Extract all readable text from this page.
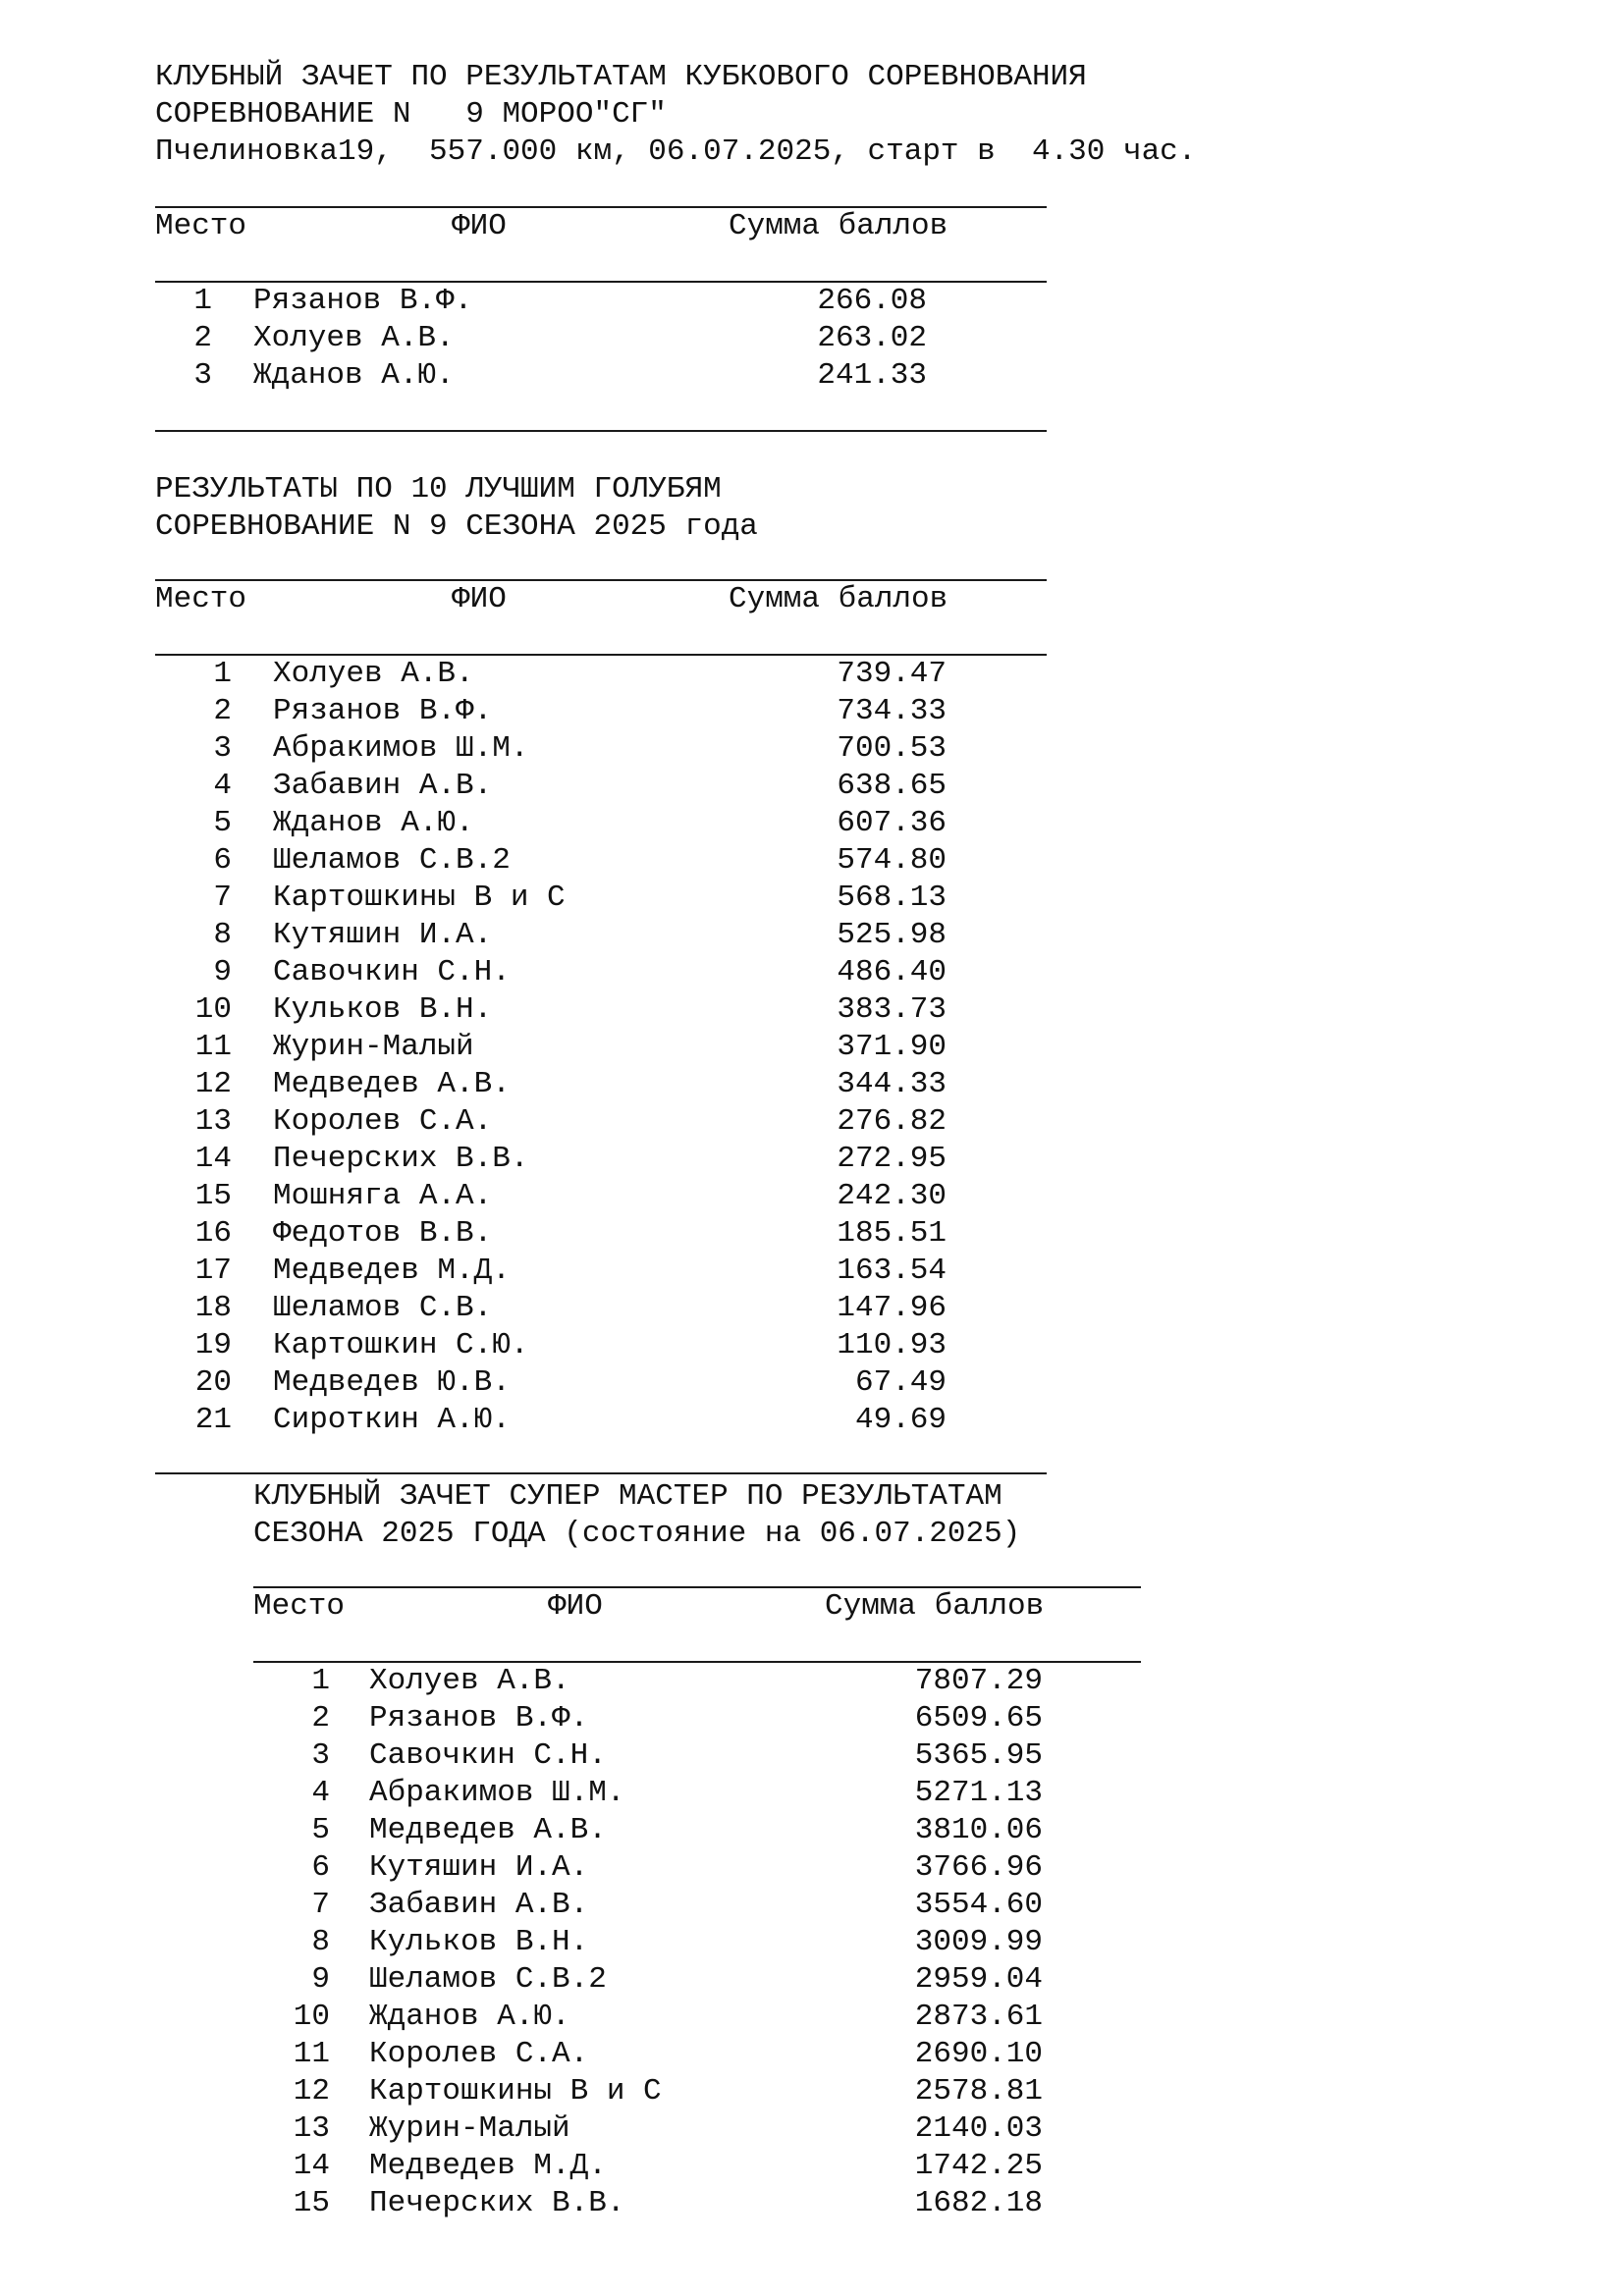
КЛУБНЫЙ ЗАЧЕТ ПО РЕЗУЛЬТАТАМ КУБКОВОГО СОРЕВНОВАНИЯ
СОРЕВНОВАНИЕ N   9 МОРОО"СГ"
Пчелиновка19,  557.000 км, 06.07.2025, старт в  4.30 час.
Место	ФИО	Сумма баллов
1 Рязанов В.Ф.	266.08
2 Холуев А.В.	263.02
3 Жданов А.Ю.	241.33
РЕЗУЛЬТАТЫ ПО 10 ЛУЧШИМ ГОЛУБЯМ
СОРЕВНОВАНИЕ N 9 СЕЗОНА 2025 года
Место	ФИО	Сумма баллов
1 Холуев А.В.	739.47
2 Рязанов В.Ф.	734.33
3 Абракимов Ш.М.	700.53
4 Забавин А.В.	638.65
5 Жданов А.Ю.	607.36
6 Шеламов С.В.2	574.80
7 Картошкины В и С	568.13
8 Кутяшин И.А.	525.98
9 Савочкин С.Н.	486.40
10 Кульков В.Н.	383.73
11 Журин-Малый	371.90
12 Медведев А.В.	344.33
13 Королев С.А.	276.82
14 Печерских В.В.	272.95
15 Мошняга А.А.	242.30
16 Федотов В.В.	185.51
17 Медведев М.Д.	163.54
18 Шеламов С.В.	147.96
19 Картошкин С.Ю.	110.93
20 Медведев Ю.В.	67.49
21 Сироткин А.Ю.	49.69
КЛУБНЫЙ ЗАЧЕТ СУПЕР МАСТЕР ПО РЕЗУЛЬТАТАМ
СЕЗОНА 2025 ГОДА (состояние на 06.07.2025)
Место	ФИО	Сумма баллов
1 Холуев А.В.	7807.29
2 Рязанов В.Ф.	6509.65
3 Савочкин С.Н.	5365.95
4 Абракимов Ш.М.	5271.13
5 Медведев А.В.	3810.06
6 Кутяшин И.А.	3766.96
7 Забавин А.В.	3554.60
8 Кульков В.Н.	3009.99
9 Шеламов С.В.2	2959.04
10 Жданов А.Ю.	2873.61
11 Королев С.А.	2690.10
12 Картошкины В и С	2578.81
13 Журин-Малый	2140.03
14 Медведев М.Д.	1742.25
15 Печерских В.В.	1682.18
